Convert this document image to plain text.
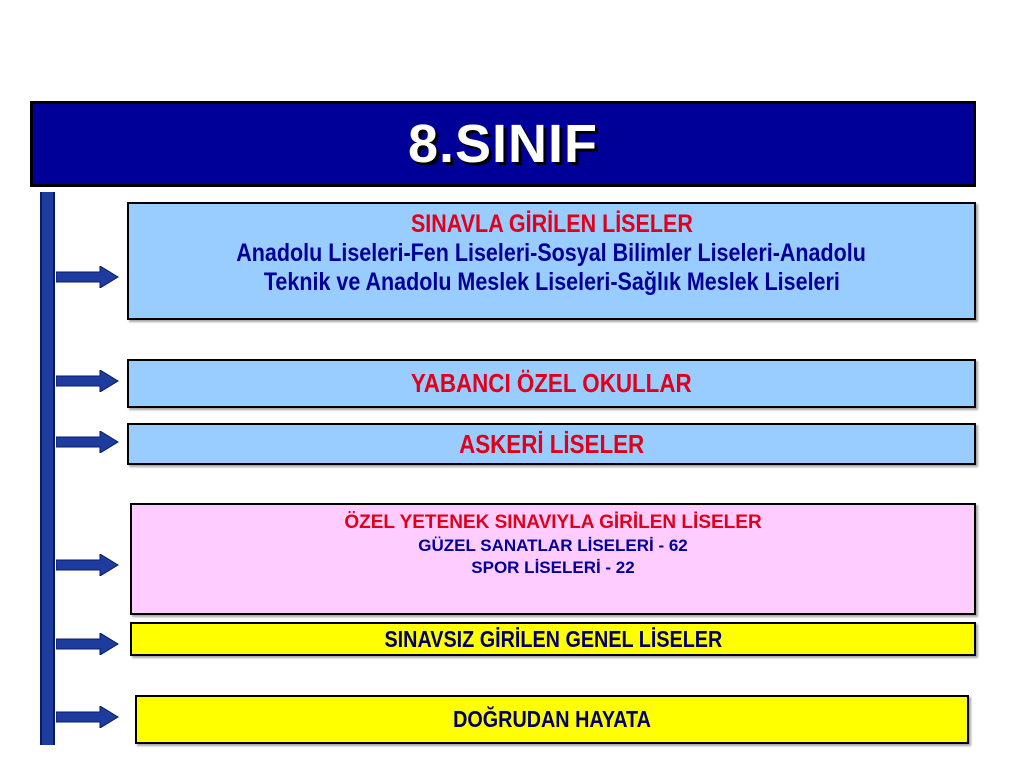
8.SINIF
SINAVLA GİRİLEN LİSELER
Anadolu Liseleri-Fen Liseleri-Sosyal Bilimler Liseleri-Anadolu
Teknik ve Anadolu Meslek Liseleri-Sağlık Meslek Liseleri
YABANCI ÖZEL OKULLAR
ASKERİ LİSELER
ÖZEL YETENEK SINAVIYLA GİRİLEN LİSELER
GÜZEL SANATLAR LİSELERİ - 62
SPOR LİSELERİ - 22
SINAVSIZ GİRİLEN GENEL LİSELER
DOĞRUDAN HAYATA
